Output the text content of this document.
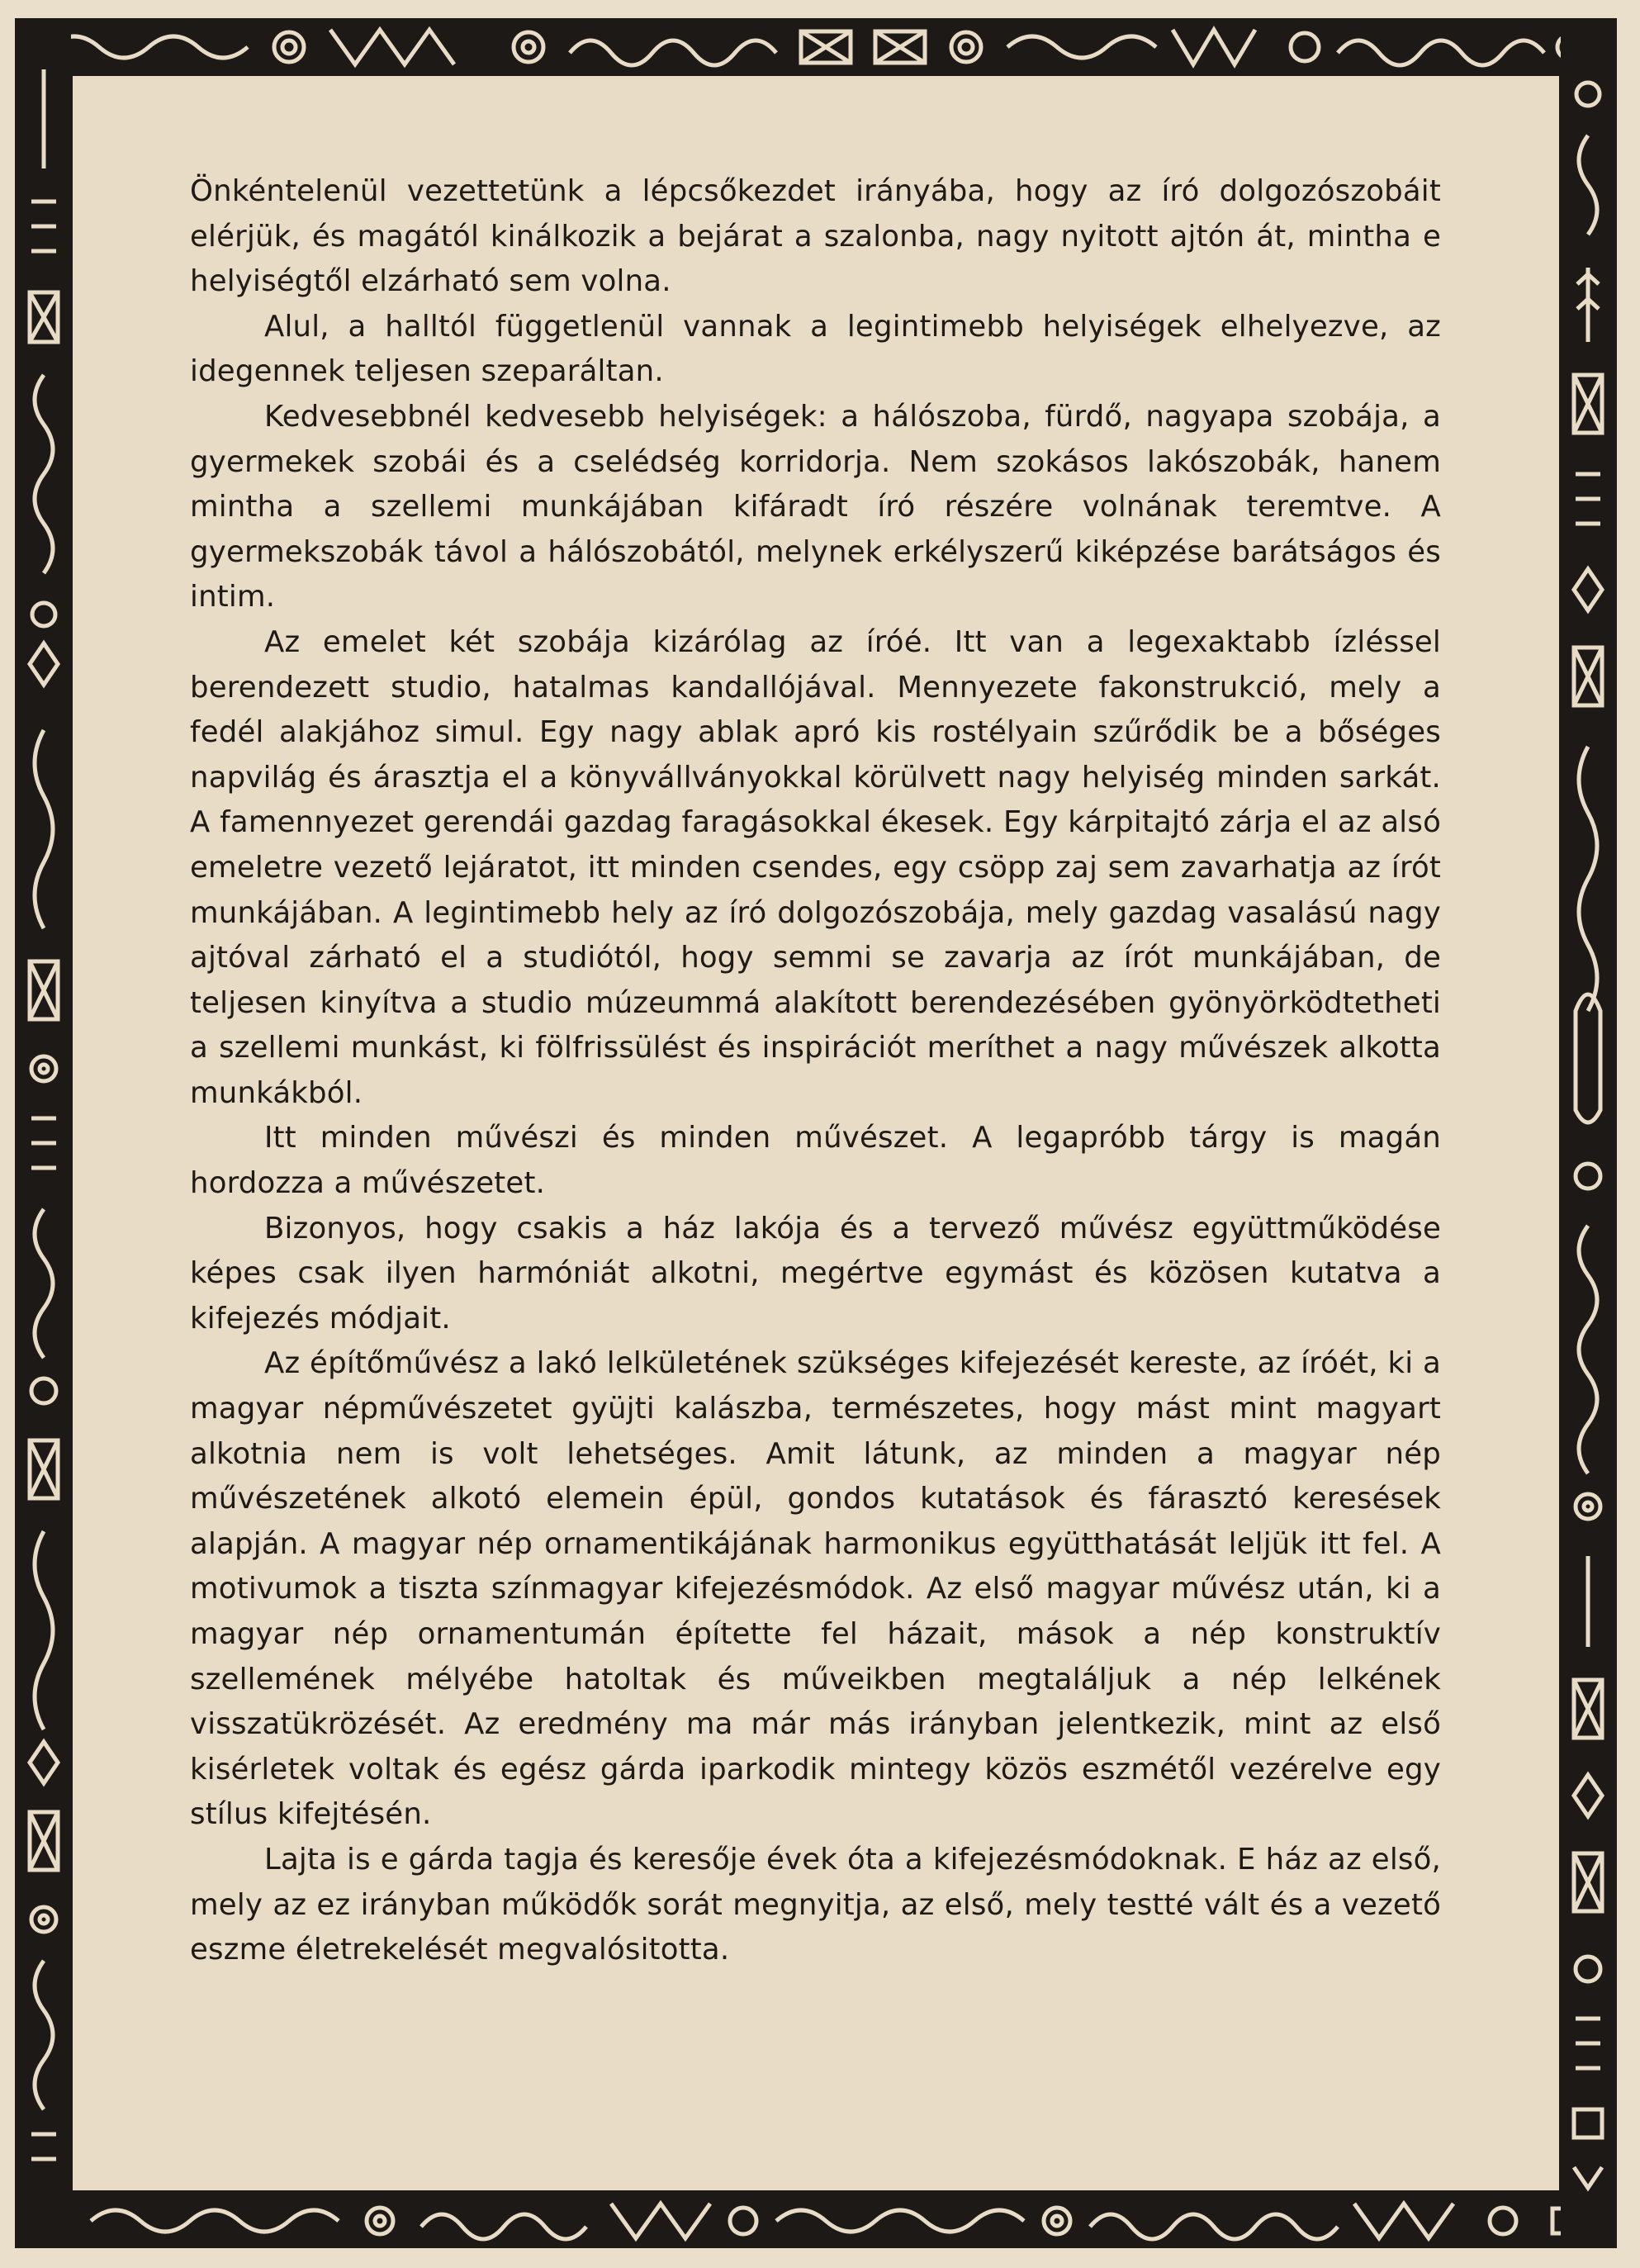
Önkéntelenül vezettetünk a lépcsőkezdet irányába, hogy az író dolgozószobáit elérjük, és magától kinálkozik a bejárat a szalonba, nagy nyitott ajtón át, mintha e helyiségtől elzárható sem volna.

Alul, a halltól függetlenül vannak a legintimebb helyiségek elhelyezve, az idegennek teljesen szeparáltan.

Kedvesebbnél kedvesebb helyiségek: a hálószoba, fürdő, nagyapa szobája, a gyermekek szobái és a cselédség korridorja. Nem szokásos lakószobák, hanem mintha a szellemi munkájában kifáradt író részére volnának teremtve. A gyermekszobák távol a hálószobától, melynek erkélyszerű kiképzése barátságos és intim.

Az emelet két szobája kizárólag az íróé. Itt van a legexaktabb ízléssel berendezett studio, hatalmas kandallójával. Mennyezete fakonstrukció, mely a fedél alakjához simul. Egy nagy ablak apró kis rostélyain szűrődik be a bőséges napvilág és árasztja el a könyvállványokkal körülvett nagy helyiség minden sarkát. A famennyezet gerendái gazdag faragásokkal ékesek. Egy kárpitajtó zárja el az alsó emeletre vezető lejáratot, itt minden csendes, egy csöpp zaj sem zavarhatja az írót munkájában. A legintimebb hely az író dolgozószobája, mely gazdag vasalású nagy ajtóval zárható el a studiótól, hogy semmi se zavarja az írót munkájában, de teljesen kinyítva a studio múzeummá alakított berendezésében gyönyörködtetheti a szellemi munkást, ki fölfrissülést és inspirációt meríthet a nagy művészek alkotta munkákból.

Itt minden művészi és minden művészet. A legapróbb tárgy is magán hordozza a művészetet.

Bizonyos, hogy csakis a ház lakója és a tervező művész együttműködése képes csak ilyen harmóniát alkotni, megértve egymást és közösen kutatva a kifejezés módjait.

Az építőművész a lakó lelkületének szükséges kifejezését kereste, az íróét, ki a magyar népművészetet gyüjti kalászba, természetes, hogy mást mint magyart alkotnia nem is volt lehetséges. Amit látunk, az minden a magyar nép művészetének alkotó elemein épül, gondos kutatások és fárasztó keresések alapján. A magyar nép ornamentikájának harmonikus együtthatását leljük itt fel. A motivumok a tiszta színmagyar kifejezésmódok. Az első magyar művész után, ki a magyar nép ornamentumán építette fel házait, mások a nép konstruktív szellemének mélyébe hatoltak és műveikben megtaláljuk a nép lelkének visszatükrözését. Az eredmény ma már más irányban jelentkezik, mint az első kisérletek voltak és egész gárda iparkodik mintegy közös eszmétől vezérelve egy stílus kifejtésén.

Lajta is e gárda tagja és keresője évek óta a kifejezésmódoknak. E ház az első, mely az ez irányban működők sorát megnyitja, az első, mely testté vált és a vezető eszme életrekelését megvalósitotta.
